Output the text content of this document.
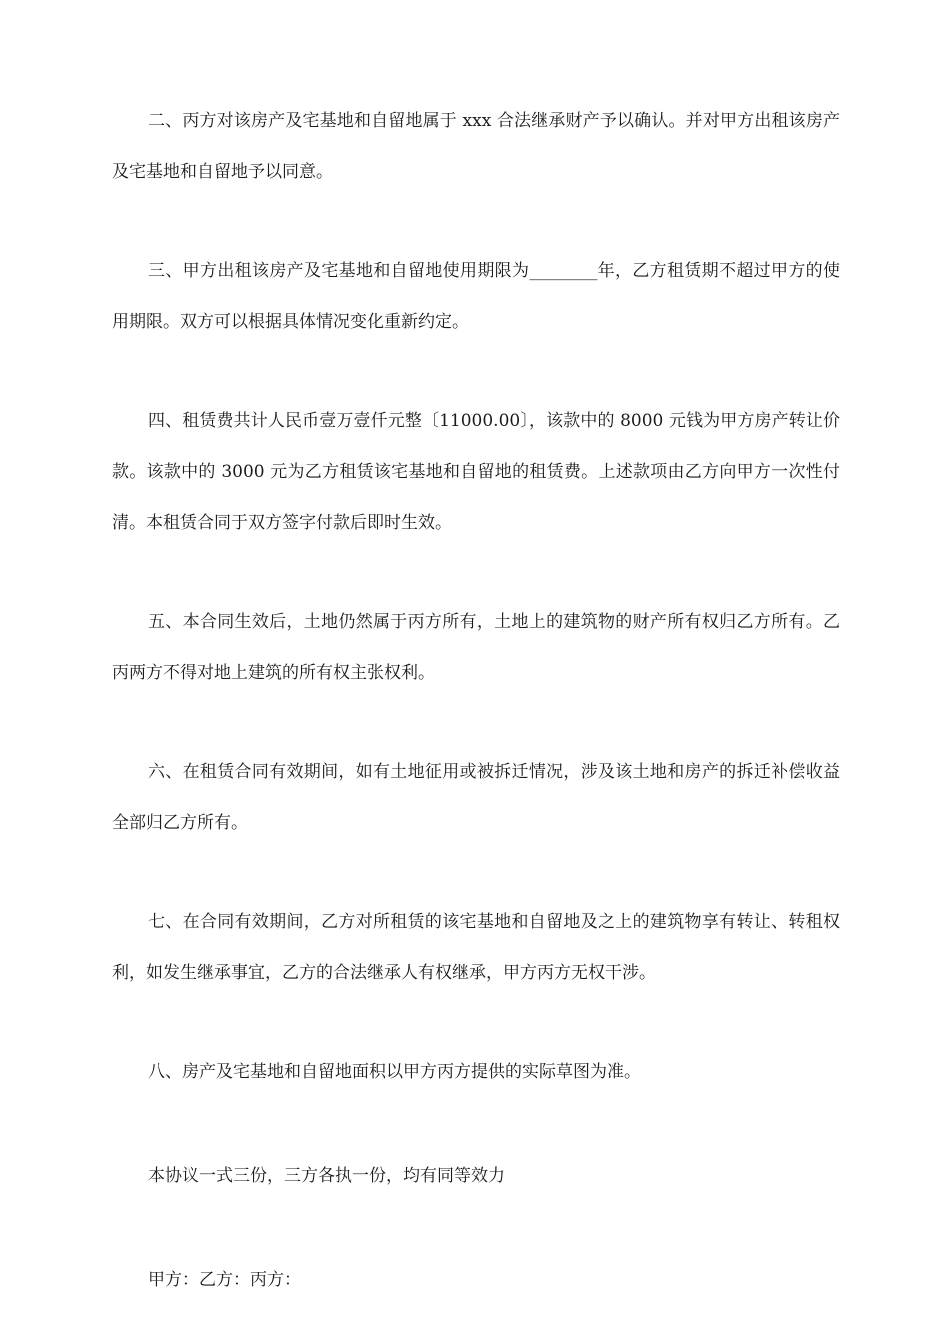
二、丙方对该房产及宅基地和自留地属于 xxx 合法继承财产予以确认。并对甲方出租该房产及宅基地和自留地予以同意。

三、甲方出租该房产及宅基地和自留地使用期限为________年，乙方租赁期不超过甲方的使用期限。双方可以根据具体情况变化重新约定。

四、租赁费共计人民币壹万壹仟元整〔11000.00〕，该款中的 8000 元钱为甲方房产转让价款。该款中的 3000 元为乙方租赁该宅基地和自留地的租赁费。上述款项由乙方向甲方一次性付清。本租赁合同于双方签字付款后即时生效。

五、本合同生效后，土地仍然属于丙方所有，土地上的建筑物的财产所有权归乙方所有。乙丙两方不得对地上建筑的所有权主张权利。

六、在租赁合同有效期间，如有土地征用或被拆迁情况，涉及该土地和房产的拆迁补偿收益全部归乙方所有。

七、在合同有效期间，乙方对所租赁的该宅基地和自留地及之上的建筑物享有转让、转租权利，如发生继承事宜，乙方的合法继承人有权继承，甲方丙方无权干涉。

八、房产及宅基地和自留地面积以甲方丙方提供的实际草图为准。

本协议一式三份，三方各执一份，均有同等效力

甲方：乙方：丙方：
